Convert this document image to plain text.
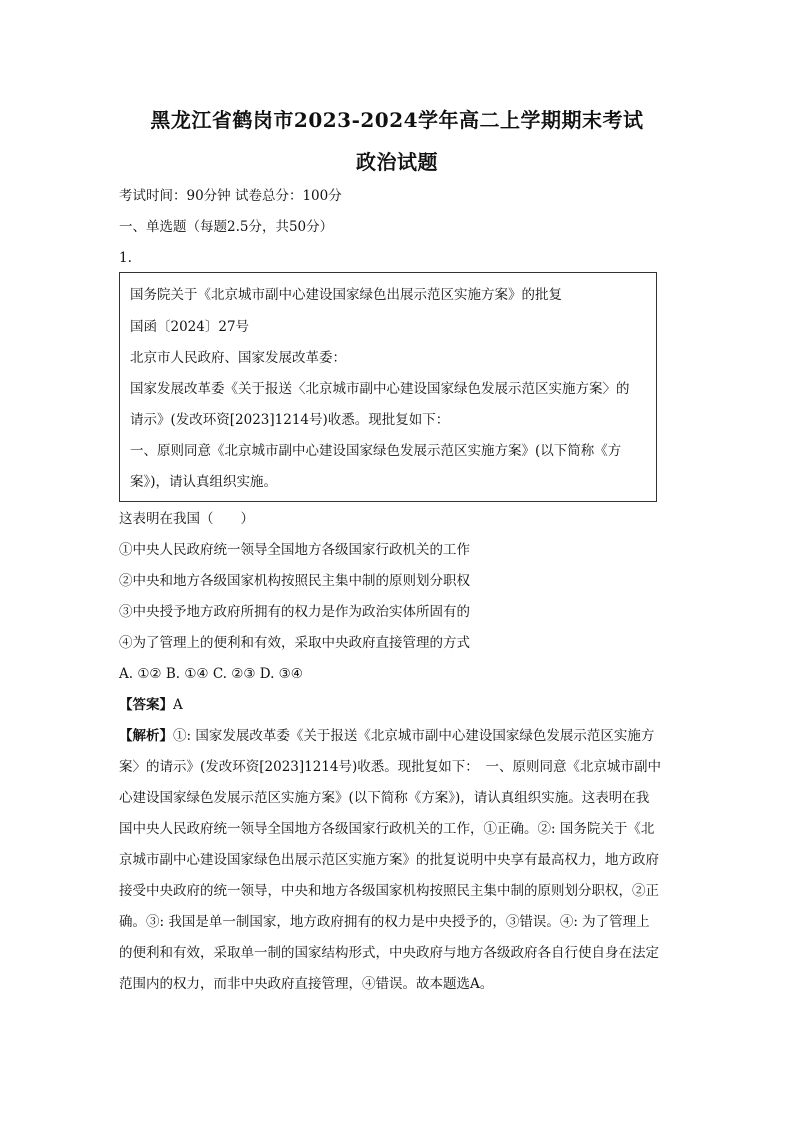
黑龙江省鹤岗市2023-2024学年高二上学期期末考试
政治试题
考试时间：90分钟 试卷总分：100分
一、单选题（每题2.5分，共50分）
1.
国务院关于《北京城市副中心建设国家绿色出展示范区实施方案》的批复
国函〔2024〕27号
北京市人民政府、国家发展改革委：
国家发展改革委《关于报送〈北京城市副中心建设国家绿色发展示范区实施方案〉的
请示》(发改环资[2023]1214号)收悉。现批复如下：
一、原则同意《北京城市副中心建设国家绿色发展示范区实施方案》(以下简称《方
案》)，请认真组织实施。
这表明在我国（　　）
①中央人民政府统一领导全国地方各级国家行政机关的工作
②中央和地方各级国家机构按照民主集中制的原则划分职权
③中央授予地方政府所拥有的权力是作为政治实体所固有的
④为了管理上的便利和有效，采取中央政府直接管理的方式
A. ①② B. ①④ C. ②③ D. ③④
【答案】A
【解析】①: 国家发展改革委《关于报送《北京城市副中心建设国家绿色发展示范区实施方
案〉的请示》(发改环资[2023]1214号)收悉。现批复如下：　一、原则同意《北京城市副中
心建设国家绿色发展示范区实施方案》(以下简称《方案》)，请认真组织实施。这表明在我
国中央人民政府统一领导全国地方各级国家行政机关的工作，①正确。②: 国务院关于《北
京城市副中心建设国家绿色出展示范区实施方案》的批复说明中央享有最高权力，地方政府
接受中央政府的统一领导，中央和地方各级国家机构按照民主集中制的原则划分职权，②正
确。③: 我国是单一制国家，地方政府拥有的权力是中央授予的，③错误。④: 为了管理上
的便利和有效，采取单一制的国家结构形式，中央政府与地方各级政府各自行使自身在法定
范围内的权力，而非中央政府直接管理，④错误。故本题选A。
